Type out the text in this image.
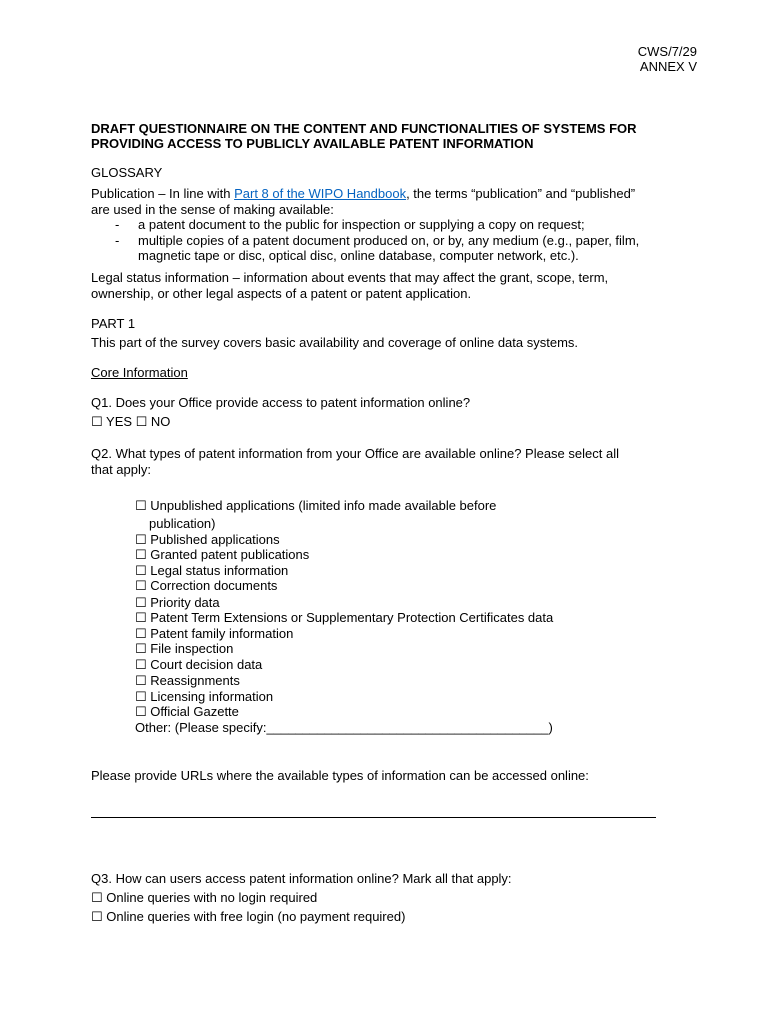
CWS/7/29
ANNEX V
DRAFT QUESTIONNAIRE ON THE CONTENT AND FUNCTIONALITIES OF SYSTEMS FOR
PROVIDING ACCESS TO PUBLICLY AVAILABLE PATENT INFORMATION
GLOSSARY
Publication – In line with Part 8 of the WIPO Handbook, the terms “publication” and “published”
are used in the sense of making available:
- a patent document to the public for inspection or supplying a copy on request;
- multiple copies of a patent document produced on, or by, any medium (e.g., paper, film,
magnetic tape or disc, optical disc, online database, computer network, etc.).
Legal status information – information about events that may affect the grant, scope, term,
ownership, or other legal aspects of a patent or patent application.
PART 1
This part of the survey covers basic availability and coverage of online data systems.
Core Information
Q1. Does your Office provide access to patent information online?
☐ YES ☐ NO
Q2. What types of patent information from your Office are available online? Please select all
that apply:
☐ Unpublished applications (limited info made available before
publication)
☐ Published applications
☐ Granted patent publications
☐ Legal status information
☐ Correction documents
☐ Priority data
☐ Patent Term Extensions or Supplementary Protection Certificates data
☐ Patent family information
☐ File inspection
☐ Court decision data
☐ Reassignments
☐ Licensing information
☐ Official Gazette
Other: (Please specify:_______________________________________)
Please provide URLs where the available types of information can be accessed online:
Q3. How can users access patent information online? Mark all that apply:
☐ Online queries with no login required
☐ Online queries with free login (no payment required)
